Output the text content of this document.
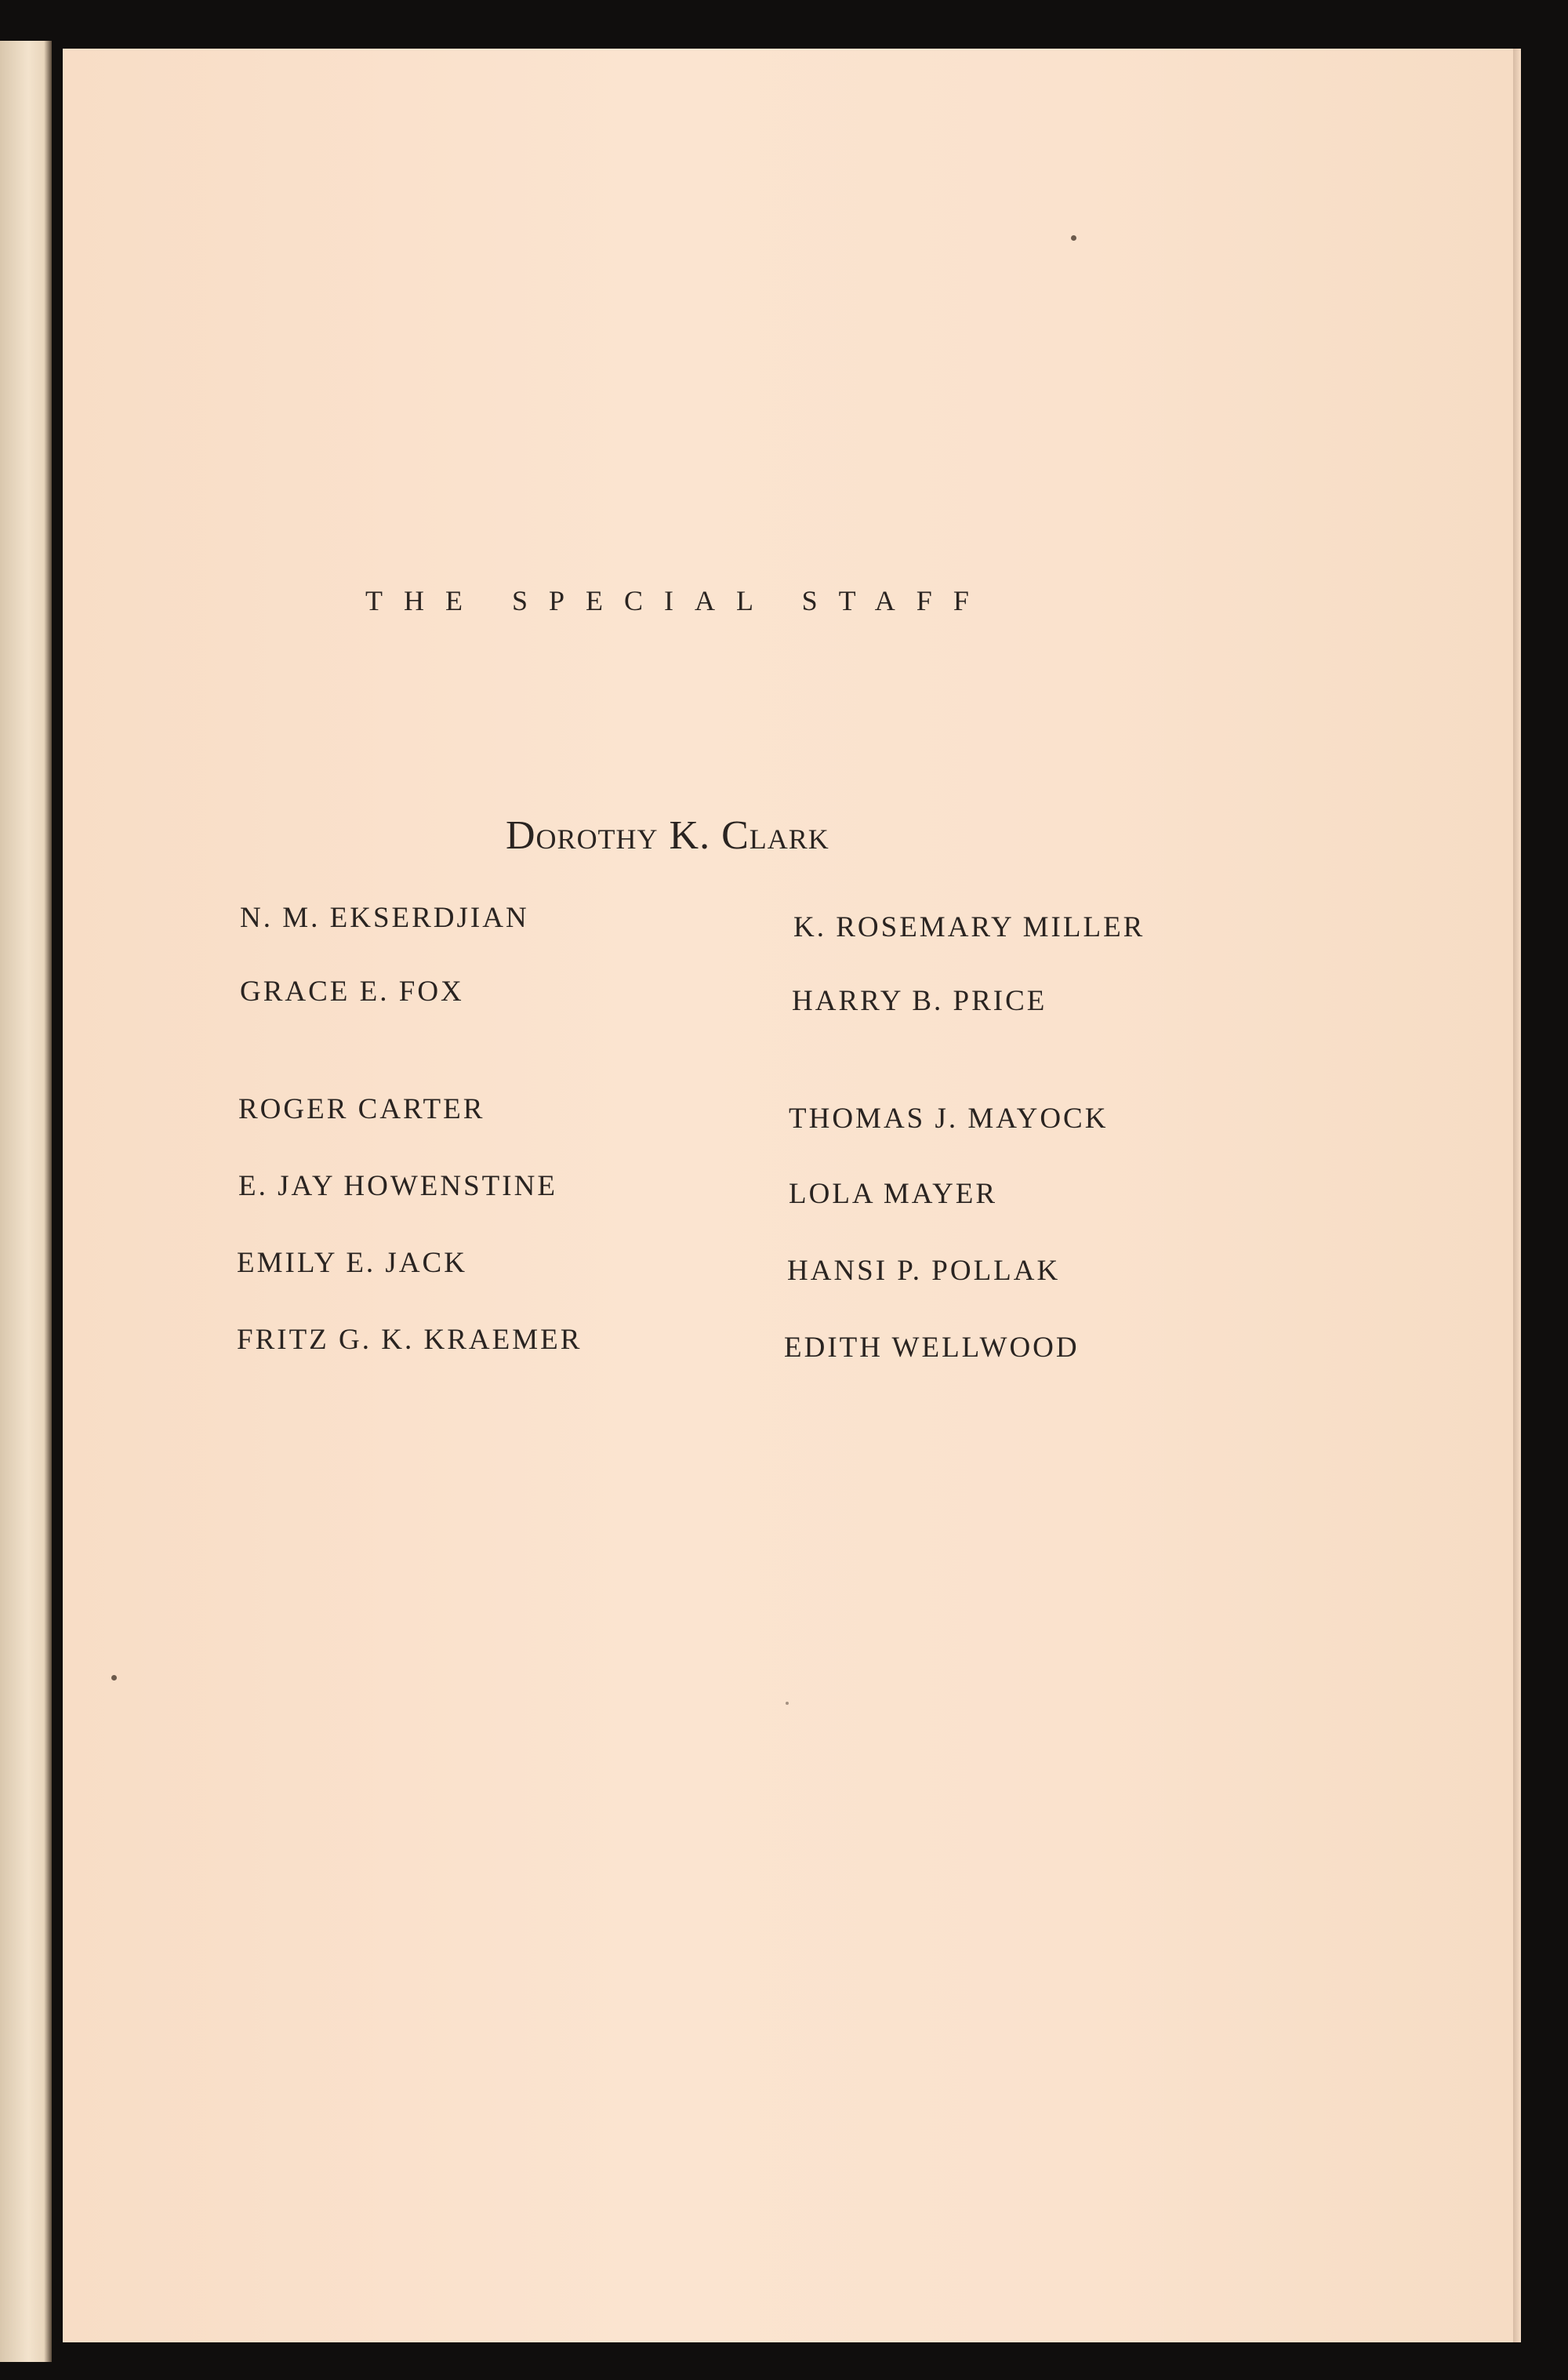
THE SPECIAL STAFF
Dorothy K. Clark
N. M. EKSERDJIAN
GRACE E. FOX
ROGER CARTER
E. JAY HOWENSTINE
EMILY E. JACK
FRITZ G. K. KRAEMER
K. ROSEMARY MILLER
HARRY B. PRICE
THOMAS J. MAYOCK
LOLA MAYER
HANSI P. POLLAK
EDITH WELLWOOD
